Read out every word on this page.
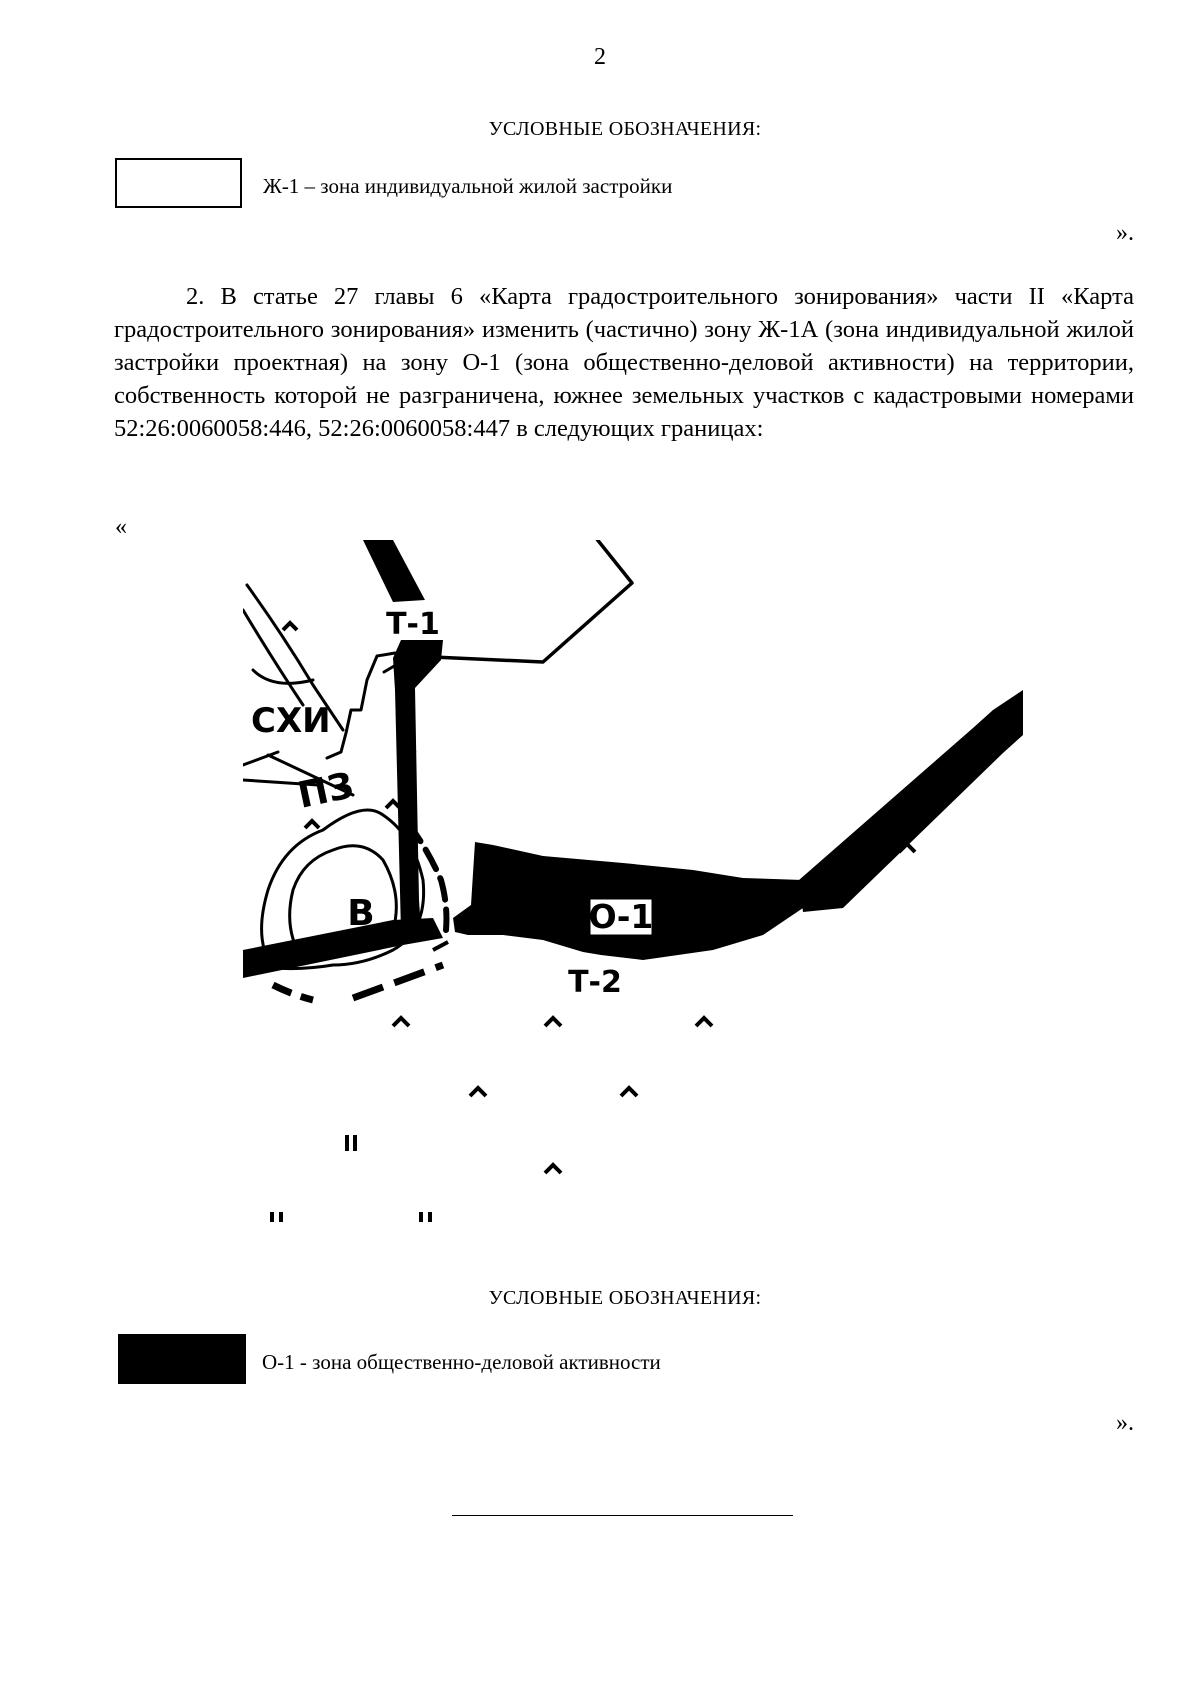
2
УСЛОВНЫЕ ОБОЗНАЧЕНИЯ:
Ж-1 – зона индивидуальной жилой застройки
».

2. В статье 27 главы 6 «Карта градостроительного зонирования» части II «Карта градостроительного зонирования» изменить (частично) зону Ж-1А (зона индивидуальной жилой застройки проектная) на зону О-1 (зона общественно-деловой активности) на территории, собственность которой не разграничена, южнее земельных участков с кадастровыми номерами 52:26:0060058:446, 52:26:0060058:447 в следующих границах:

«
Т-1
СХИ
ПЗ
В	О-1
Т-2
УСЛОВНЫЕ ОБОЗНАЧЕНИЯ:
О-1 - зона общественно-деловой активности
».
